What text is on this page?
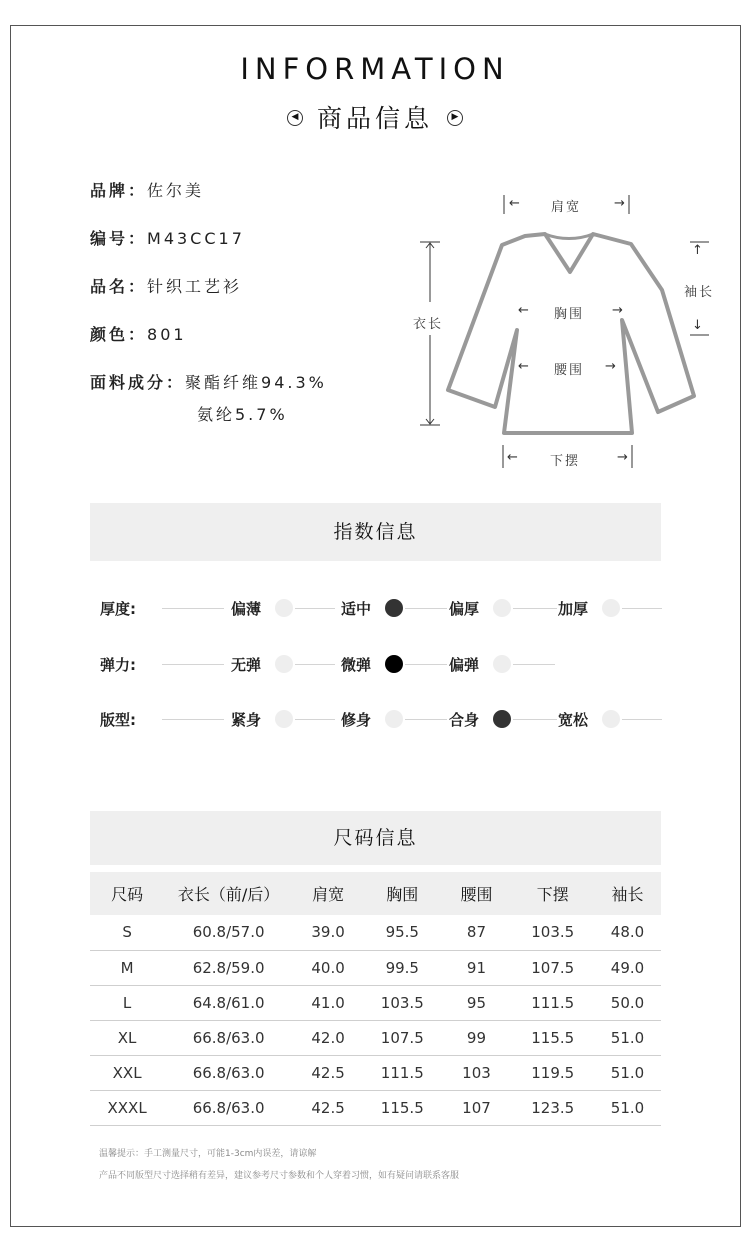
INFORMATION
◀ 商品信息 ▶
品牌：佐尔美
编号：M43CC17
品名：针织工艺衫
颜色：801
面料成分：聚酯纤维94.3%
氨纶5.7%
← 肩宽	→
衣长
↑
袖长
↓
← 胸围 →
← 腰围 →
← 下摆	→
指数信息
厚度:	偏薄	适中	偏厚	加厚
弹力:	无弹	微弹	偏弹
版型:	紧身	修身	合身	宽松
尺码信息
尺码	衣长（前/后）	肩宽	胸围	腰围	下摆	袖长
S	60.8/57.0	39.0	95.5	87	103.5	48.0
M	62.8/59.0	40.0	99.5	91	107.5	49.0
L	64.8/61.0	41.0	103.5	95	111.5	50.0
XL	66.8/63.0	42.0	107.5	99	115.5	51.0
XXL	66.8/63.0	42.5	111.5	103	119.5	51.0
XXXL	66.8/63.0	42.5	115.5	107	123.5	51.0
温馨提示：手工测量尺寸，可能1-3cm内误差，请谅解
产品不同版型尺寸选择稍有差异，建议参考尺寸参数和个人穿着习惯，如有疑问请联系客服
